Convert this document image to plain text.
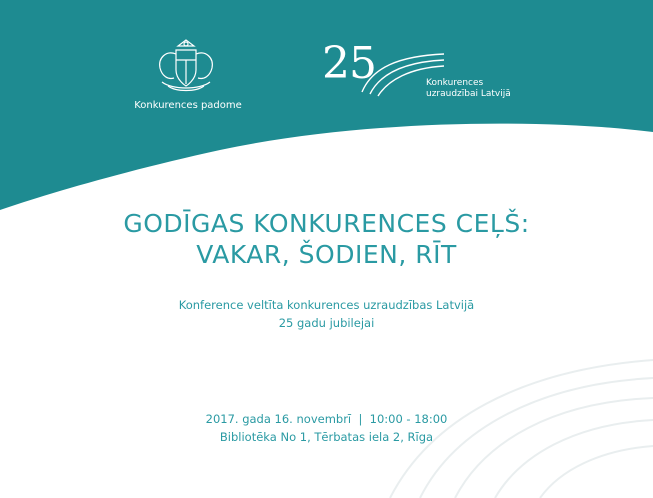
Konkurences padome
25	Konkurences
uzraudzībai Latvijā
GODĪGAS KONKURENCES CEĻŠ:
VAKAR, ŠODIEN, RĪT
Konference veltīta konkurences uzraudzības Latvijā
25 gadu jubilejai
2017. gada 16. novembrī  |  10:00 - 18:00
Bibliotēka No 1, Tērbatas iela 2, Rīga
